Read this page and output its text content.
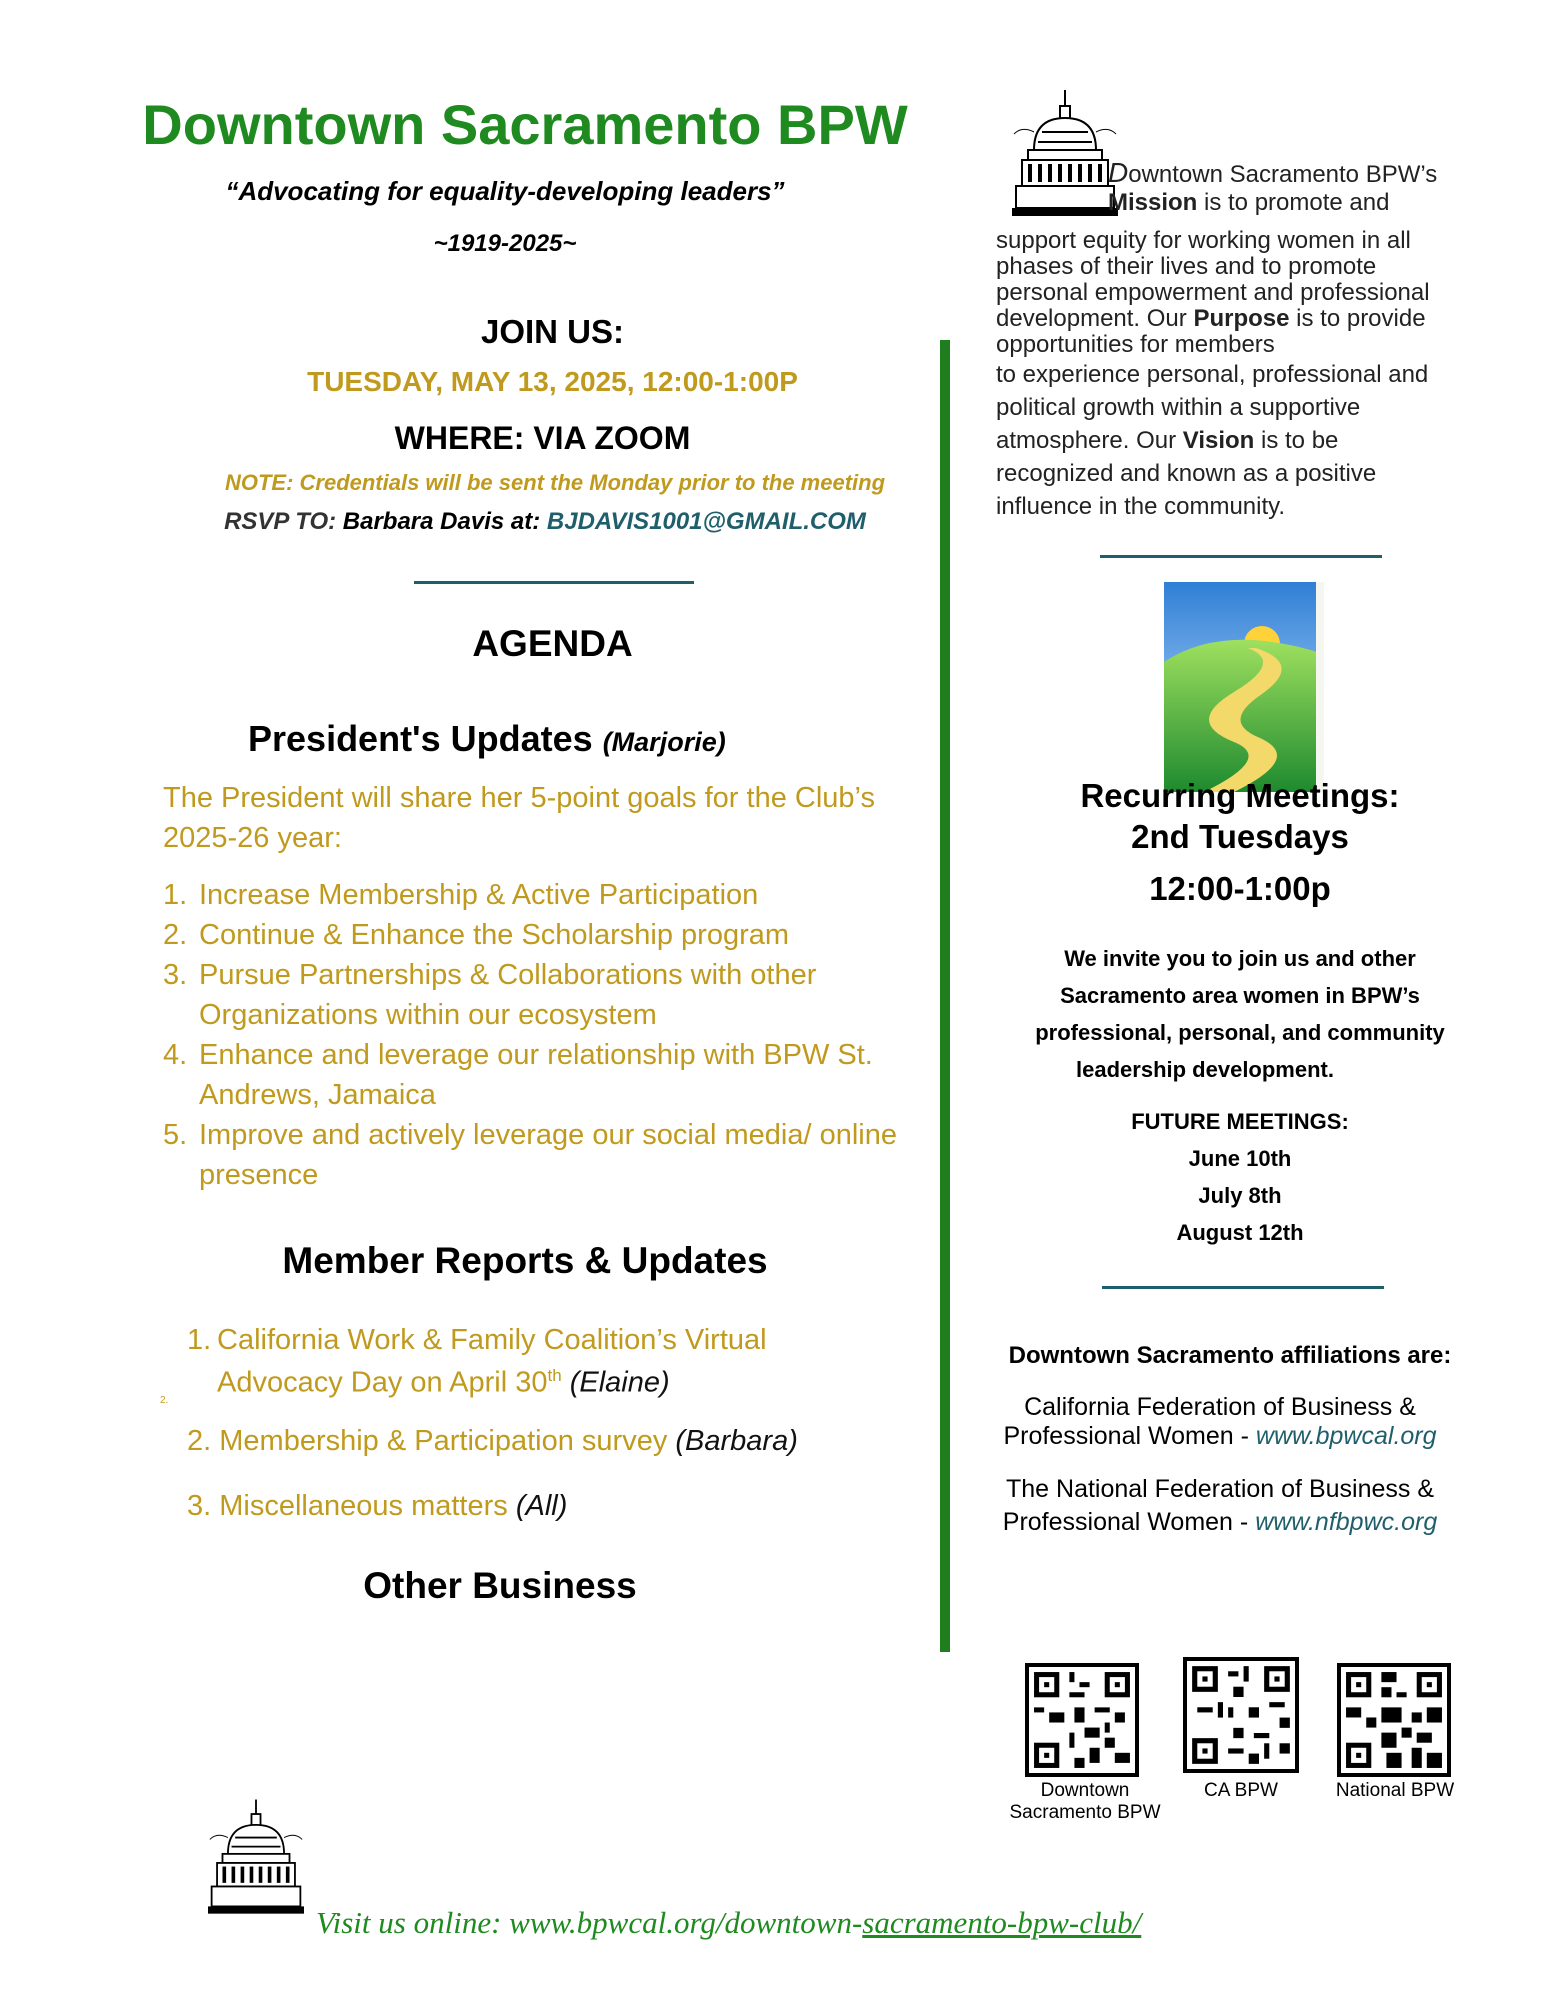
Downtown Sacramento BPW
“Advocating for equality-developing leaders”
~1919-2025~
JOIN US:
TUESDAY, MAY 13, 2025, 12:00-1:00P
WHERE: VIA ZOOM
NOTE: Credentials will be sent the Monday prior to the meeting
RSVP TO: Barbara Davis at: BJDAVIS1001@GMAIL.COM
AGENDA
President's Updates (Marjorie)
The President will share her 5-point goals for the Club’s 2025-26 year:
1. Increase Membership & Active Participation
2. Continue & Enhance the Scholarship program
3. Pursue Partnerships & Collaborations with other Organizations within our ecosystem
4. Enhance and leverage our relationship with BPW St. Andrews, Jamaica
5. Improve and actively leverage our social media/ online presence
Member Reports & Updates
1. California Work & Family Coalition’s Virtual Advocacy Day on April 30th (Elaine)
2.
2. Membership & Participation survey (Barbara)
3. Miscellaneous matters (All)
Other Business
Downtown Sacramento BPW’s
Mission is to promote and
support equity for working women in all
phases of their lives and to promote
personal empowerment and professional
development. Our Purpose is to provide
opportunities for members
to experience personal, professional and
political growth within a supportive
atmosphere. Our Vision is to be
recognized and known as a positive
influence in the community.
Recurring Meetings:
2nd Tuesdays
12:00-1:00p
We invite you to join us and other
Sacramento area women in BPW’s
professional, personal, and community
leadership development.
FUTURE MEETINGS:
June 10th
July 8th
August 12th
Downtown Sacramento affiliations are:
California Federation of Business &
Professional Women - www.bpwcal.org
The National Federation of Business &
Professional Women - www.nfbpwc.org
Downtown
Sacramento BPW
CA BPW	National BPW
Visit us online: www.bpwcal.org/downtown-sacramento-bpw-club/
